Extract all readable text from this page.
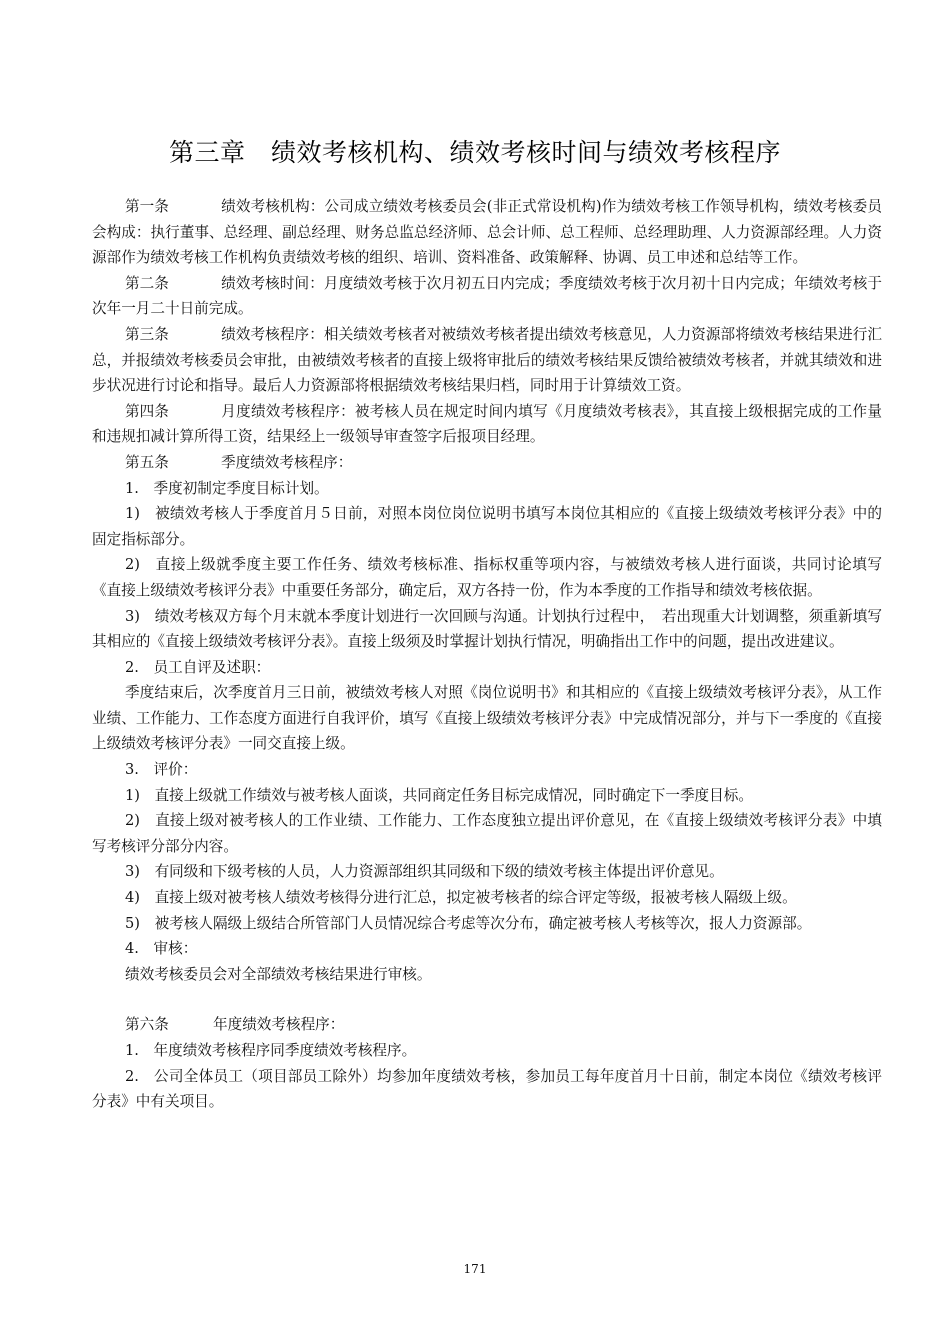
第三章　绩效考核机构、绩效考核时间与绩效考核程序

第一条	绩效考核机构：公司成立绩效考核委员会(非正式常设机构)作为绩效考核工作领导机构，绩效考核委员会构成：执行董事、总经理、副总经理、财务总监总经济师、总会计师、总工程师、总经理助理、人力资源部经理。人力资源部作为绩效考核工作机构负责绩效考核的组织、培训、资料准备、政策解释、协调、员工申述和总结等工作。

第二条	绩效考核时间：月度绩效考核于次月初五日内完成；季度绩效考核于次月初十日内完成；年绩效考核于次年一月二十日前完成。

第三条	绩效考核程序：相关绩效考核者对被绩效考核者提出绩效考核意见，人力资源部将绩效考核结果进行汇总，并报绩效考核委员会审批，由被绩效考核者的直接上级将审批后的绩效考核结果反馈给被绩效考核者，并就其绩效和进步状况进行讨论和指导。最后人力资源部将根据绩效考核结果归档，同时用于计算绩效工资。

第四条	月度绩效考核程序：被考核人员在规定时间内填写《月度绩效考核表》，其直接上级根据完成的工作量和违规扣减计算所得工资，结果经上一级领导审查签字后报项目经理。

第五条	季度绩效考核程序：

1.　季度初制定季度目标计划。

1)　被绩效考核人于季度首月５日前，对照本岗位岗位说明书填写本岗位其相应的《直接上级绩效考核评分表》中的固定指标部分。

2)　直接上级就季度主要工作任务、绩效考核标准、指标权重等项内容，与被绩效考核人进行面谈，共同讨论填写《直接上级绩效考核评分表》中重要任务部分，确定后，双方各持一份，作为本季度的工作指导和绩效考核依据。

3)　绩效考核双方每个月末就本季度计划进行一次回顾与沟通。计划执行过程中，　若出现重大计划调整，须重新填写其相应的《直接上级绩效考核评分表》。直接上级须及时掌握计划执行情况，明确指出工作中的问题，提出改进建议。

2.　员工自评及述职：

季度结束后，次季度首月三日前，被绩效考核人对照《岗位说明书》和其相应的《直接上级绩效考核评分表》，从工作业绩、工作能力、工作态度方面进行自我评价，填写《直接上级绩效考核评分表》中完成情况部分，并与下一季度的《直接上级绩效考核评分表》一同交直接上级。

3.　评价：

1)　直接上级就工作绩效与被考核人面谈，共同商定任务目标完成情况，同时确定下一季度目标。

2)　直接上级对被考核人的工作业绩、工作能力、工作态度独立提出评价意见，在《直接上级绩效考核评分表》中填写考核评分部分内容。

3)　有同级和下级考核的人员，人力资源部组织其同级和下级的绩效考核主体提出评价意见。

4)　直接上级对被考核人绩效考核得分进行汇总，拟定被考核者的综合评定等级，报被考核人隔级上级。

5)　被考核人隔级上级结合所管部门人员情况综合考虑等次分布，确定被考核人考核等次，报人力资源部。

4.　审核：

绩效考核委员会对全部绩效考核结果进行审核。

第六条	年度绩效考核程序：

1.　年度绩效考核程序同季度绩效考核程序。

2.　公司全体员工（项目部员工除外）均参加年度绩效考核，参加员工每年度首月十日前，制定本岗位《绩效考核评分表》中有关项目。

171
